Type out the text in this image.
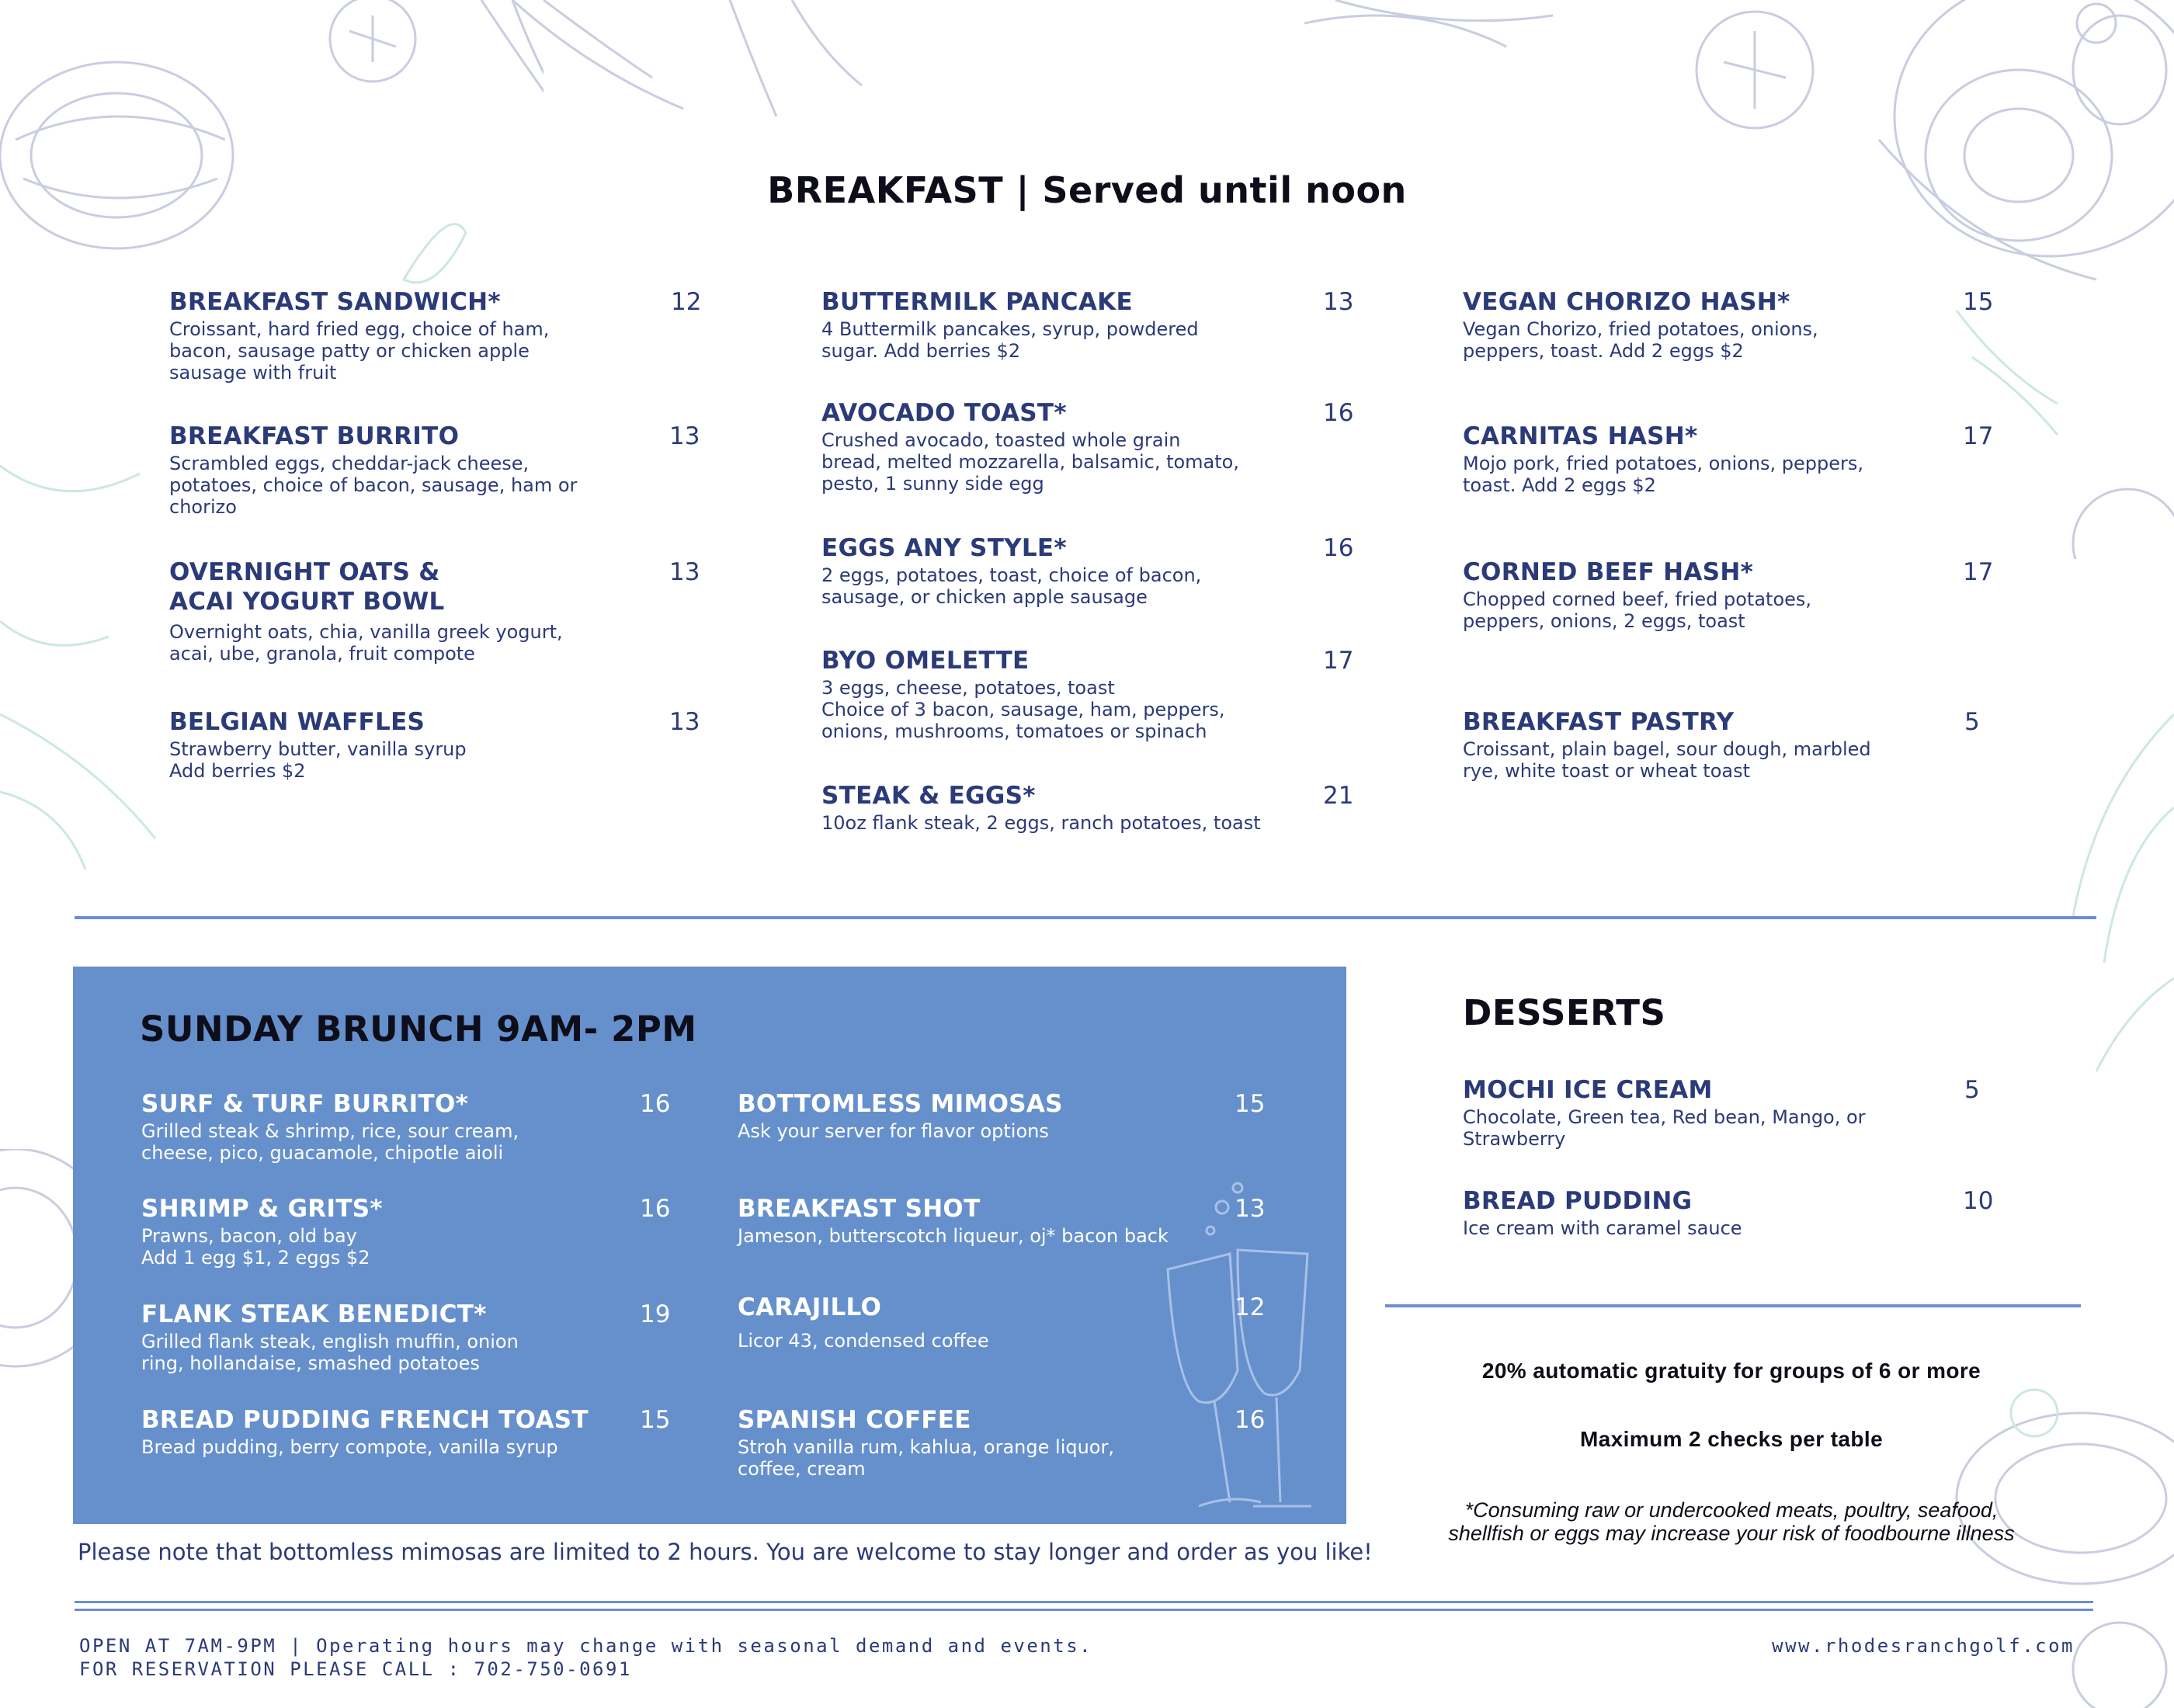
BREAKFAST | Served until noon
BREAKFAST SANDWICH*
Croissant, hard fried egg, choice of ham,
bacon, sausage patty or chicken apple
sausage with fruit
12
BREAKFAST BURRITO
Scrambled eggs, cheddar-jack cheese,
potatoes, choice of bacon, sausage, ham or
chorizo
13
OVERNIGHT OATS &
ACAI YOGURT BOWL
Overnight oats, chia, vanilla greek yogurt,
acai, ube, granola, fruit compote
13
BELGIAN WAFFLES
Strawberry butter, vanilla syrup
Add berries $2
13
BUTTERMILK PANCAKE
4 Buttermilk pancakes, syrup, powdered
sugar. Add berries $2
13
AVOCADO TOAST*
Crushed avocado, toasted whole grain
bread, melted mozzarella, balsamic, tomato,
pesto, 1 sunny side egg
16
EGGS ANY STYLE*
2 eggs, potatoes, toast, choice of bacon,
sausage, or chicken apple sausage
16
BYO OMELETTE
3 eggs, cheese, potatoes, toast
Choice of 3 bacon, sausage, ham, peppers,
onions, mushrooms, tomatoes or spinach
17
STEAK & EGGS*
10oz flank steak, 2 eggs, ranch potatoes, toast
21
VEGAN CHORIZO HASH*
Vegan Chorizo, fried potatoes, onions,
peppers, toast. Add 2 eggs $2
15
CARNITAS HASH*
Mojo pork, fried potatoes, onions, peppers,
toast. Add 2 eggs $2
17
CORNED BEEF HASH*
Chopped corned beef, fried potatoes,
peppers, onions, 2 eggs, toast
17
BREAKFAST PASTRY
Croissant, plain bagel, sour dough, marbled
rye, white toast or wheat toast
5
SUNDAY BRUNCH 9AM- 2PM
SURF & TURF BURRITO*
Grilled steak & shrimp, rice, sour cream,
cheese, pico, guacamole, chipotle aioli
16
SHRIMP & GRITS*
Prawns, bacon, old bay
Add 1 egg $1, 2 eggs $2
16
FLANK STEAK BENEDICT*
Grilled flank steak, english muffin, onion
ring, hollandaise, smashed potatoes
19
BREAD PUDDING FRENCH TOAST
Bread pudding, berry compote, vanilla syrup
15
BOTTOMLESS MIMOSAS
Ask your server for flavor options
15
BREAKFAST SHOT
Jameson, butterscotch liqueur, oj* bacon back
13
CARAJILLO
Licor 43, condensed coffee
12
SPANISH COFFEE
Stroh vanilla rum, kahlua, orange liquor,
coffee, cream
16
Please note that bottomless mimosas are limited to 2 hours. You are welcome to stay longer and order as you like!
DESSERTS
MOCHI ICE CREAM
Chocolate, Green tea, Red bean, Mango, or
Strawberry
5
BREAD PUDDING
Ice cream with caramel sauce
10
20% automatic gratuity for groups of 6 or more
Maximum 2 checks per table
*Consuming raw or undercooked meats, poultry, seafood,
shellfish or eggs may increase your risk of foodbourne illness
OPEN AT 7AM-9PM | Operating hours may change with seasonal demand and events.
FOR RESERVATION PLEASE CALL : 702-750-0691
www.rhodesranchgolf.com
